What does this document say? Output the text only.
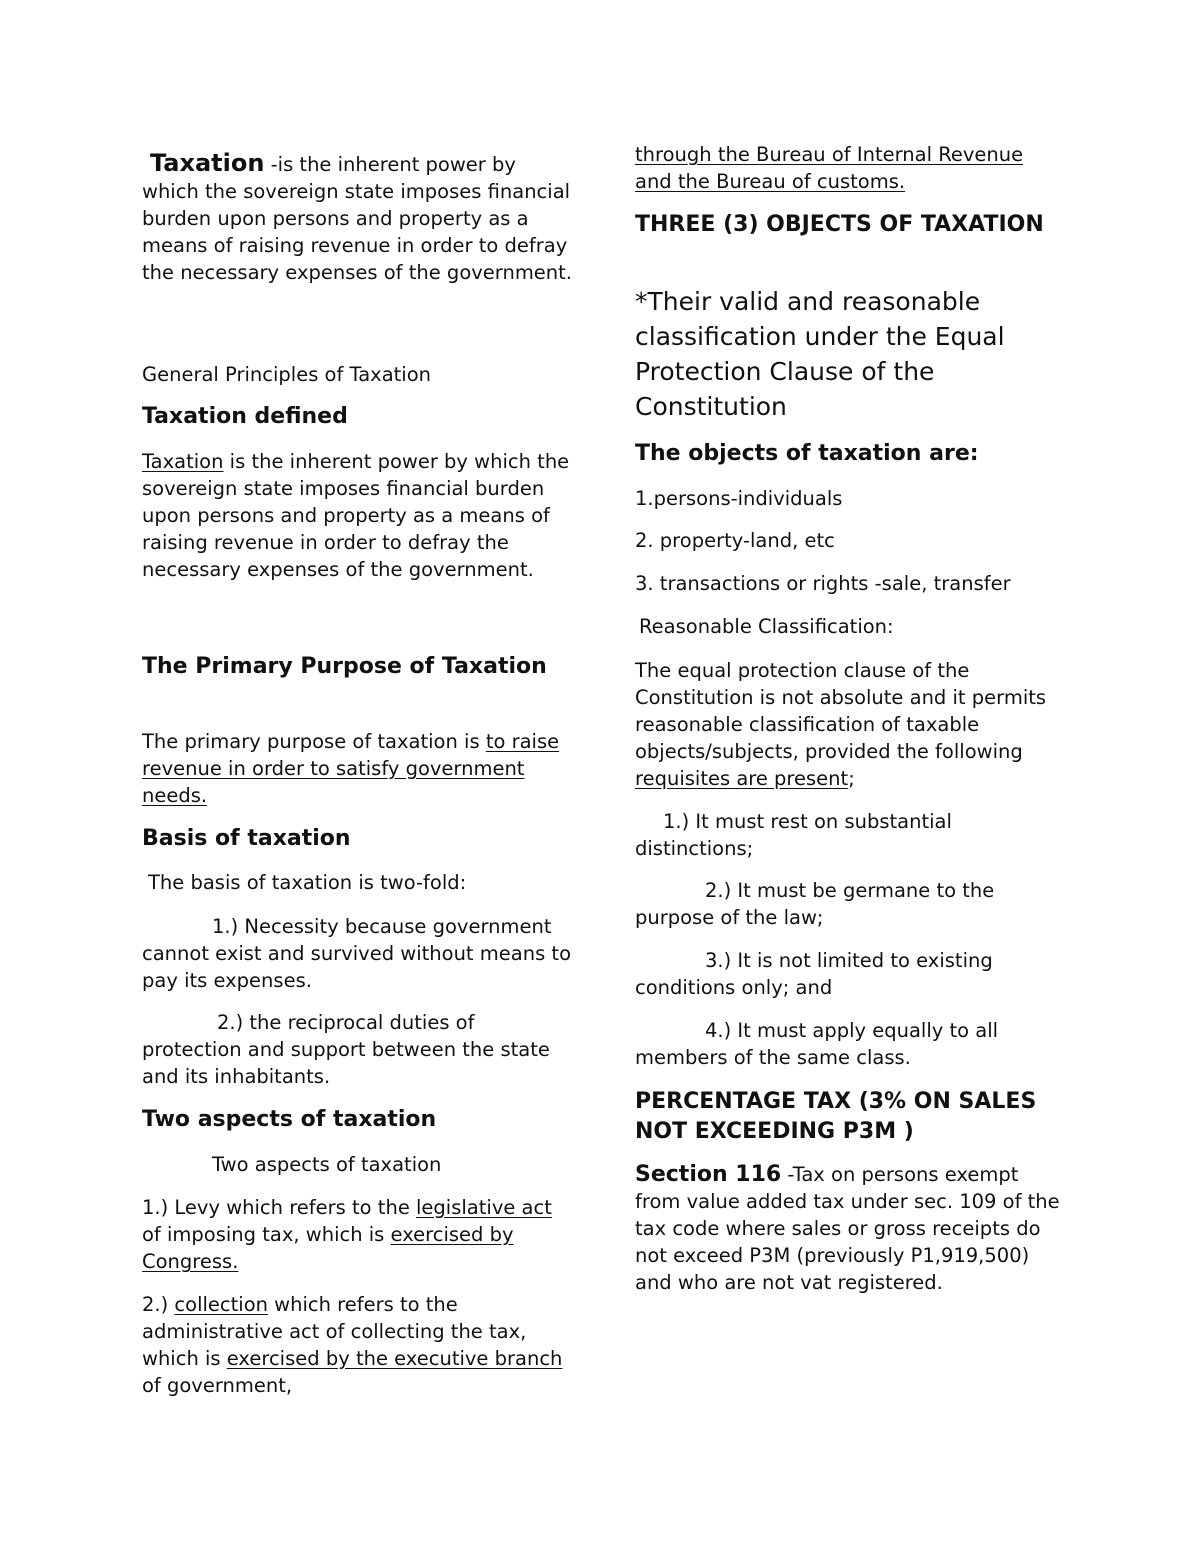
Taxation -is the inherent power by which the sovereign state imposes financial burden upon persons and property as a means of raising revenue in order to defray the necessary expenses of the government.

General Principles of Taxation

Taxation defined

Taxation is the inherent power by which the sovereign state imposes financial burden upon persons and property as a means of raising revenue in order to defray the necessary expenses of the government.

The Primary Purpose of Taxation

The primary purpose of taxation is to raise revenue in order to satisfy government needs.

Basis of taxation

The basis of taxation is two-fold:

1.) Necessity because government cannot exist and survived without means to pay its expenses.

2.) the reciprocal duties of protection and support between the state and its inhabitants.

Two aspects of taxation

Two aspects of taxation

1.) Levy which refers to the legislative act of imposing tax, which is exercised by Congress.

2.) collection which refers to the administrative act of collecting the tax, which is exercised by the executive branch of government,

through the Bureau of Internal Revenue and the Bureau of customs.

THREE (3) OBJECTS OF TAXATION

*Their valid and reasonable classification under the Equal Protection Clause of the Constitution

The objects of taxation are:

1.persons-individuals

2. property-land, etc

3. transactions or rights -sale, transfer

Reasonable Classification:

The equal protection clause of the Constitution is not absolute and it permits reasonable classification of taxable objects/subjects, provided the following requisites are present;

1.) It must rest on substantial distinctions;

2.) It must be germane to the purpose of the law;

3.) It is not limited to existing conditions only; and

4.) It must apply equally to all members of the same class.

PERCENTAGE TAX (3% ON SALES NOT EXCEEDING P3M )

Section 116 -Tax on persons exempt from value added tax under sec. 109 of the tax code where sales or gross receipts do not exceed P3M (previously P1,919,500) and who are not vat registered.
